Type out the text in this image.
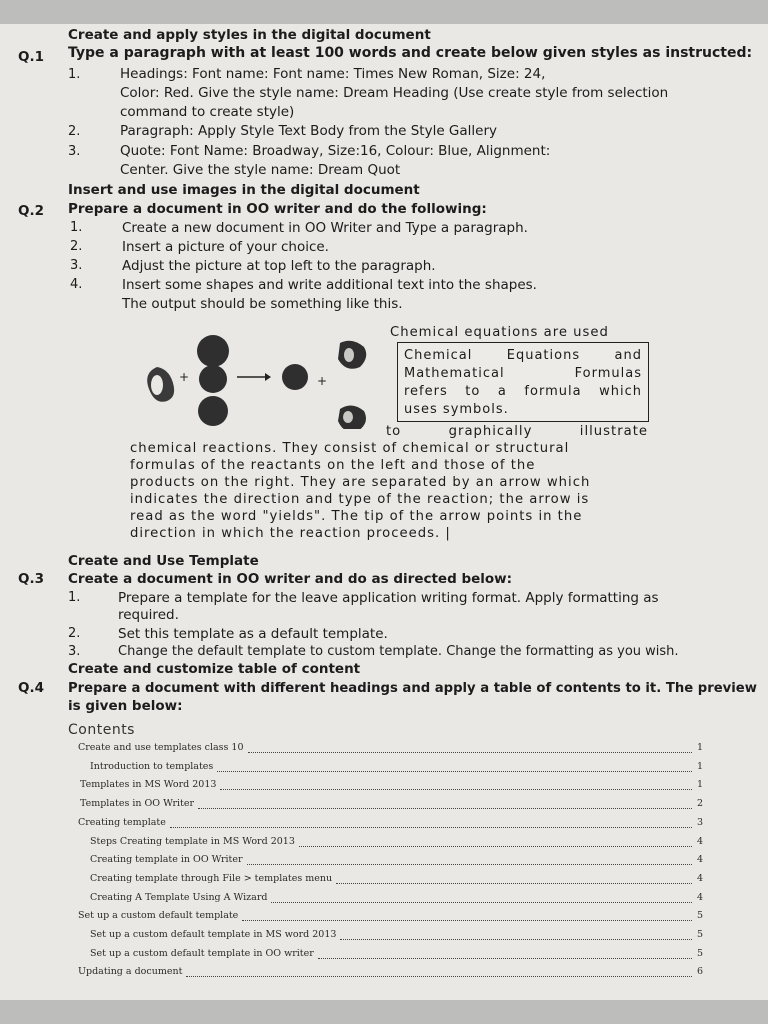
Create and apply styles in the digital document
Q.1 Type a paragraph with at least 100 words and create below given styles as instructed:
1.	Headings: Font name: Font name: Times New Roman, Size: 24,
Color: Red. Give the style name: Dream Heading (Use create style from selection
command to create style)
2.	Paragraph: Apply Style Text Body from the Style Gallery
3.	Quote: Font Name: Broadway, Size:16, Colour: Blue, Alignment:
Center. Give the style name: Dream Quot
Insert and use images in the digital document
Q.2 Prepare a document in OO writer and do the following:
1.	Create a new document in OO Writer and Type a paragraph.
2.	Insert a picture of your choice.
3.	Adjust the picture at top left to the paragraph.
4.	Insert some shapes and write additional text into the shapes.
The output should be something like this.
+	+
Chemical equations are used
Chemical	Equations	and
Mathematical	Formulas
refers to a formula which
uses symbols.
to	graphically	illustrate
chemical reactions. They consist of chemical or structural
formulas of the reactants on the left and those of the
products on the right. They are separated by an arrow which
indicates the direction and type of the reaction; the arrow is
read as the word "yields". The tip of the arrow points in the
direction in which the reaction proceeds. |
Create and Use Template
Q.3 Create a document in OO writer and do as directed below:
1.	Prepare a template for the leave application writing format. Apply formatting as
required.
2.	Set this template as a default template.
3.	Change the default template to custom template. Change the formatting as you wish.
Create and customize table of content
Q.4 Prepare a document with different headings and apply a table of contents to it. The preview
is given below:
Contents
Create and use templates class 10	1
Introduction to templates	1
Templates in MS Word 2013	1
Templates in OO Writer	2
Creating template	3
Steps Creating template in MS Word 2013	4
Creating template in OO Writer	4
Creating template through File > templates menu	4
Creating A Template Using A Wizard	4
Set up a custom default template	5
Set up a custom default template in MS word 2013	5
Set up a custom default template in OO writer	5
Updating a document	6
